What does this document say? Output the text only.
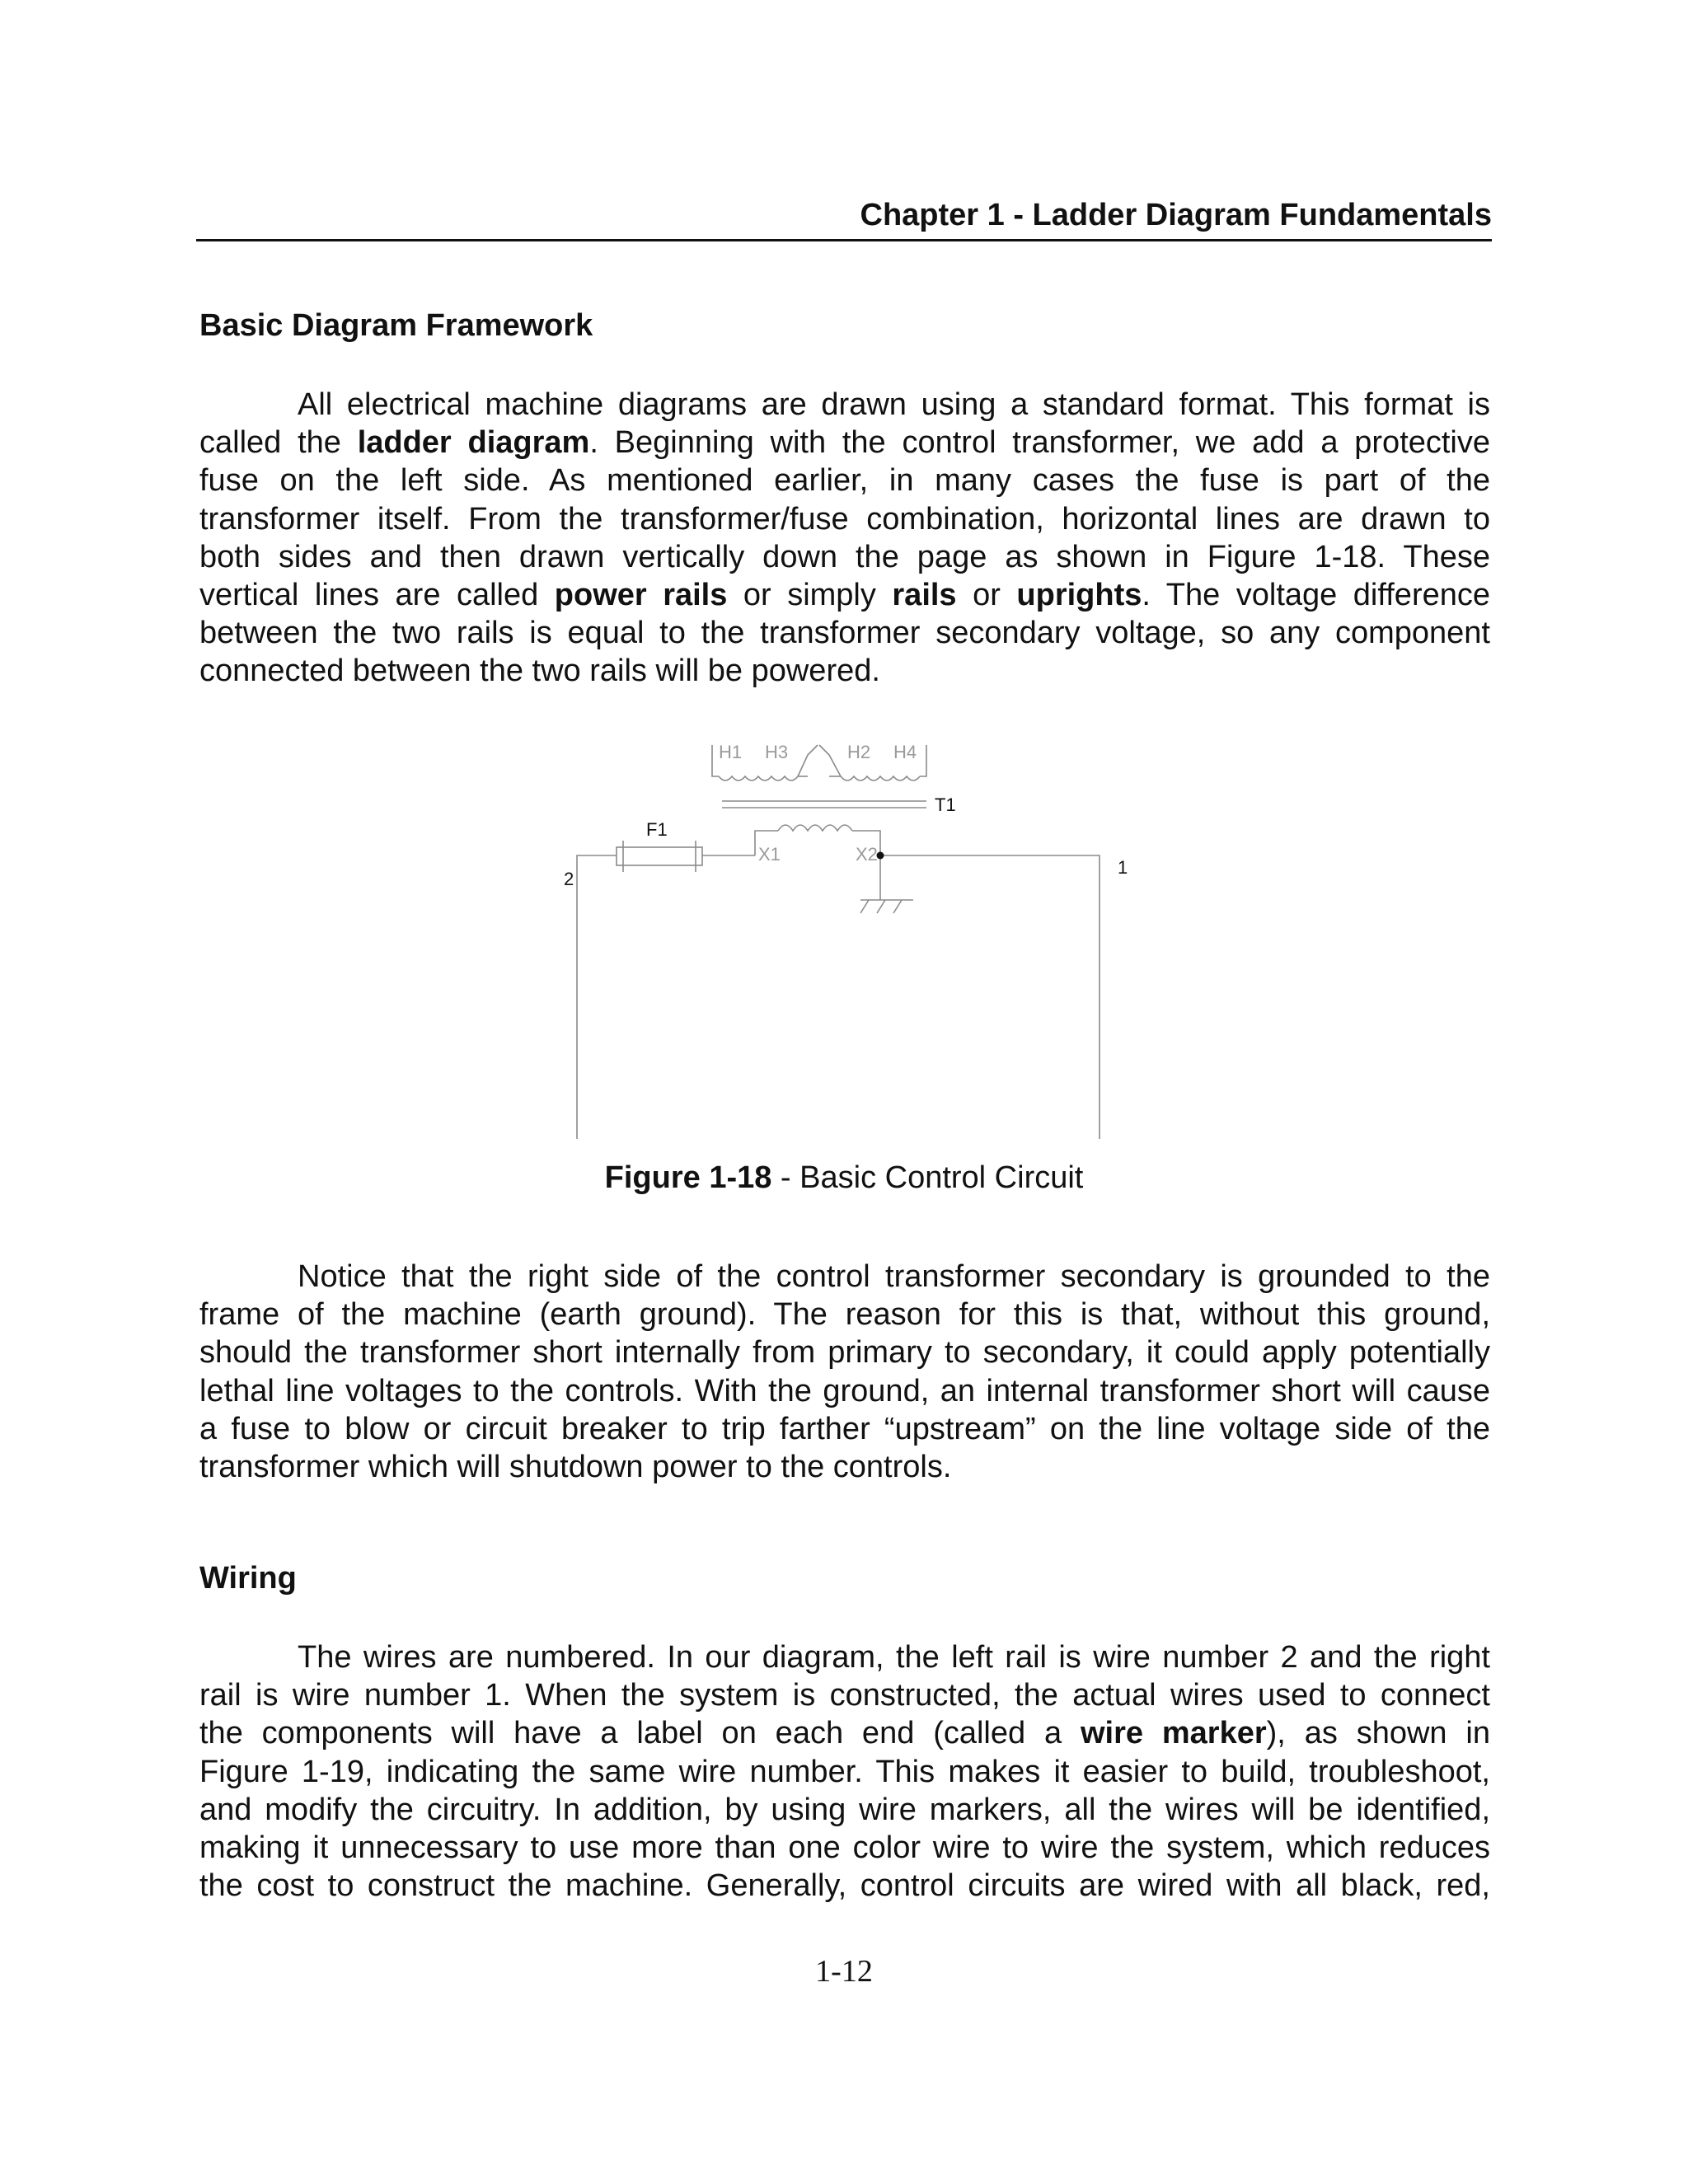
Chapter 1 - Ladder Diagram Fundamentals
Basic Diagram Framework
All electrical machine diagrams are drawn using a standard format. This format is
called the ladder diagram. Beginning with the control transformer, we add a protective
fuse on the left side. As mentioned earlier, in many cases the fuse is part of the
transformer itself. From the transformer/fuse combination, horizontal lines are drawn to
both sides and then drawn vertically down the page as shown in Figure 1-18. These
vertical lines are called power rails or simply rails or uprights. The voltage difference
between the two rails is equal to the transformer secondary voltage, so any component
connected between the two rails will be powered.
H1 H3	H2 H4
X1	X2
T1
F1
2
1
Figure 1-18 - Basic Control Circuit
Notice that the right side of the control transformer secondary is grounded to the
frame of the machine (earth ground). The reason for this is that, without this ground,
should the transformer short internally from primary to secondary, it could apply potentially
lethal line voltages to the controls. With the ground, an internal transformer short will cause
a fuse to blow or circuit breaker to trip farther “upstream” on the line voltage side of the
transformer which will shutdown power to the controls.
Wiring
The wires are numbered. In our diagram, the left rail is wire number 2 and the right
rail is wire number 1. When the system is constructed, the actual wires used to connect
the components will have a label on each end (called a wire marker), as shown in
Figure 1-19, indicating the same wire number. This makes it easier to build, troubleshoot,
and modify the circuitry. In addition, by using wire markers, all the wires will be identified,
making it unnecessary to use more than one color wire to wire the system, which reduces
the cost to construct the machine. Generally, control circuits are wired with all black, red,
1-12
